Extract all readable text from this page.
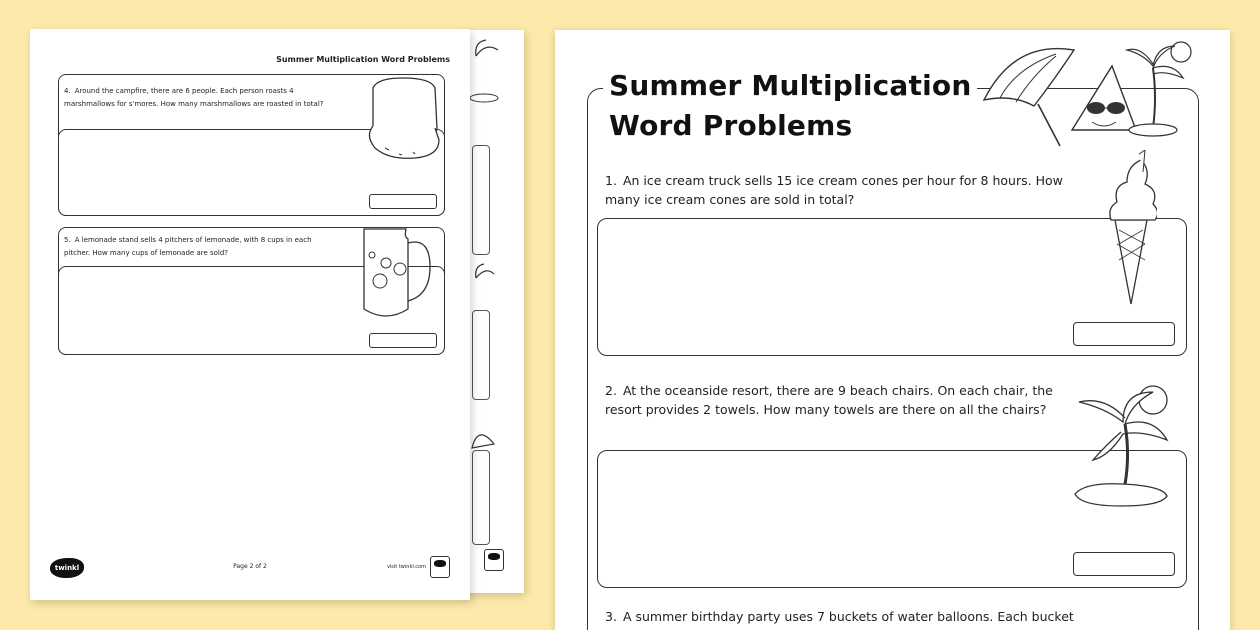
Summer Multiplication Word Problems
4. Around the campfire, there are 6 people. Each person roasts 4 marshmallows for s'mores. How many marshmallows are roasted in total?
5. A lemonade stand sells 4 pitchers of lemonade, with 8 cups in each pitcher. How many cups of lemonade are sold?
twinkl	Page 2 of 2	visit twinkl.com
Summer Multiplication
Word Problems
1. An ice cream truck sells 15 ice cream cones per hour for 8 hours. How many ice cream cones are sold in total?
2. At the oceanside resort, there are 9 beach chairs. On each chair, the resort provides 2 towels. How many towels are there on all the chairs?
3. A summer birthday party uses 7 buckets of water balloons. Each bucket
